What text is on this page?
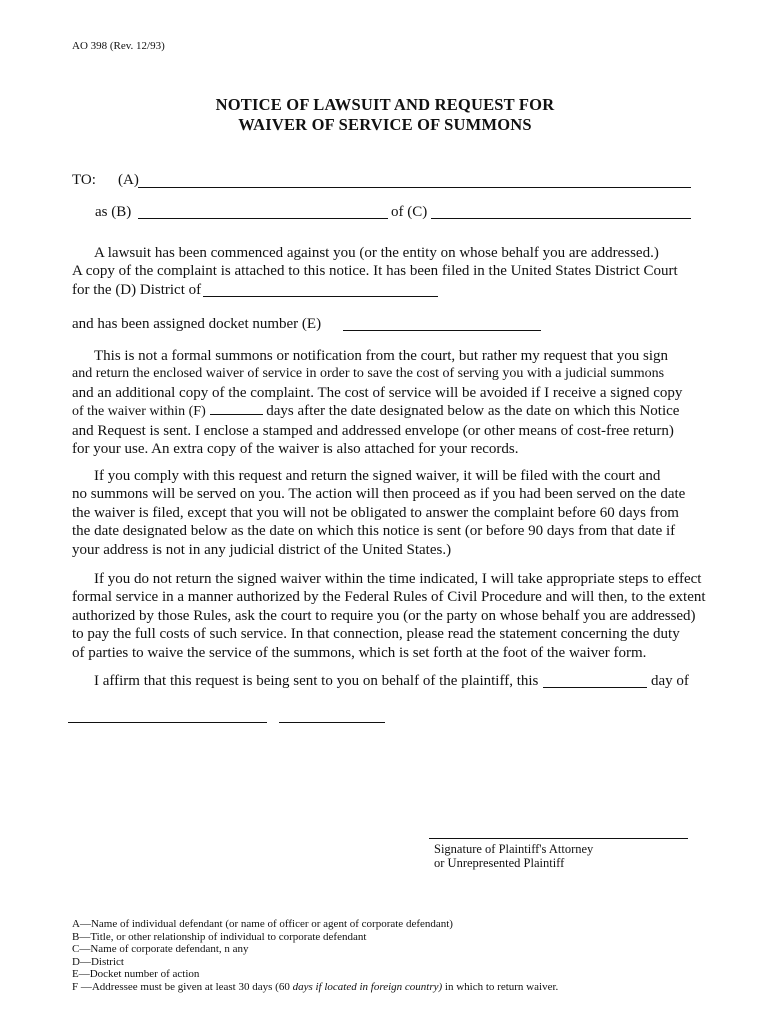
AO 398 (Rev. 12/93)
NOTICE OF LAWSUIT AND REQUEST FOR
WAIVER OF SERVICE OF SUMMONS
TO: (A)
as (B)	of (C)
A lawsuit has been commenced against you (or the entity on whose behalf you are addressed.)
A copy of the complaint is attached to this notice. It has been filed in the United States District Court
for the (D) District of
and has been assigned docket number (E)
This is not a formal summons or notification from the court, but rather my request that you sign
and return the enclosed waiver of service in order to save the cost of serving you with a judicial summons
and an additional copy of the complaint. The cost of service will be avoided if I receive a signed copy
of the waiver within (F)	days after the date designated below as the date on which this Notice
and Request is sent. I enclose a stamped and addressed envelope (or other means of cost-free return)
for your use. An extra copy of the waiver is also attached for your records.
If you comply with this request and return the signed waiver, it will be filed with the court and
no summons will be served on you. The action will then proceed as if you had been served on the date
the waiver is filed, except that you will not be obligated to answer the complaint before 60 days from
the date designated below as the date on which this notice is sent (or before 90 days from that date if
your address is not in any judicial district of the United States.)
If you do not return the signed waiver within the time indicated, I will take appropriate steps to effect
formal service in a manner authorized by the Federal Rules of Civil Procedure and will then, to the extent
authorized by those Rules, ask the court to require you (or the party on whose behalf you are addressed)
to pay the full costs of such service. In that connection, please read the statement concerning the duty
of parties to waive the service of the summons, which is set forth at the foot of the waiver form.
I affirm that this request is being sent to you on behalf of the plaintiff, this	day of
Signature of Plaintiff's Attorney
or Unrepresented Plaintiff
A—Name of individual defendant (or name of officer or agent of corporate defendant)
B—Title, or other relationship of individual to corporate defendant
C—Name of corporate defendant, n any
D—District
E—Docket number of action
F —Addressee must be given at least 30 days (60 days if located in foreign country) in which to return waiver.
